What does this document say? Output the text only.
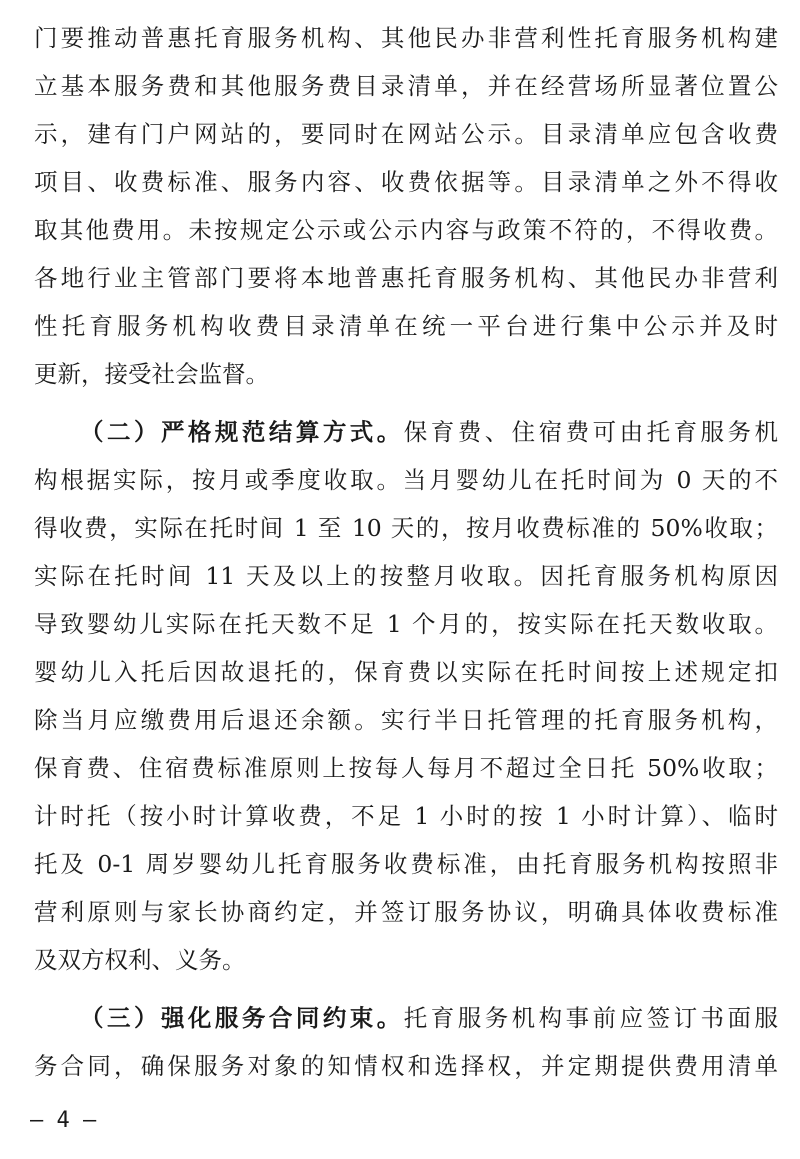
门要推动普惠托育服务机构、其他民办非营利性托育服务机构建
立基本服务费和其他服务费目录清单，并在经营场所显著位置公
示，建有门户网站的，要同时在网站公示。目录清单应包含收费
项目、收费标准、服务内容、收费依据等。目录清单之外不得收
取其他费用。未按规定公示或公示内容与政策不符的，不得收费。
各地行业主管部门要将本地普惠托育服务机构、其他民办非营利
性托育服务机构收费目录清单在统一平台进行集中公示并及时
更新，接受社会监督。
（二）严格规范结算方式。保育费、住宿费可由托育服务机
构根据实际，按月或季度收取。当月婴幼儿在托时间为 0 天的不
得收费，实际在托时间 1 至 10 天的，按月收费标准的 50%收取；
实际在托时间 11 天及以上的按整月收取。因托育服务机构原因
导致婴幼儿实际在托天数不足 1 个月的，按实际在托天数收取。
婴幼儿入托后因故退托的，保育费以实际在托时间按上述规定扣
除当月应缴费用后退还余额。实行半日托管理的托育服务机构，
保育费、住宿费标准原则上按每人每月不超过全日托 50%收取；
计时托（按小时计算收费，不足 1 小时的按 1 小时计算）、临时
托及 0-1 周岁婴幼儿托育服务收费标准，由托育服务机构按照非
营利原则与家长协商约定，并签订服务协议，明确具体收费标准
及双方权利、义务。
（三）强化服务合同约束。托育服务机构事前应签订书面服
务合同，确保服务对象的知情权和选择权，并定期提供费用清单
— 4 —
